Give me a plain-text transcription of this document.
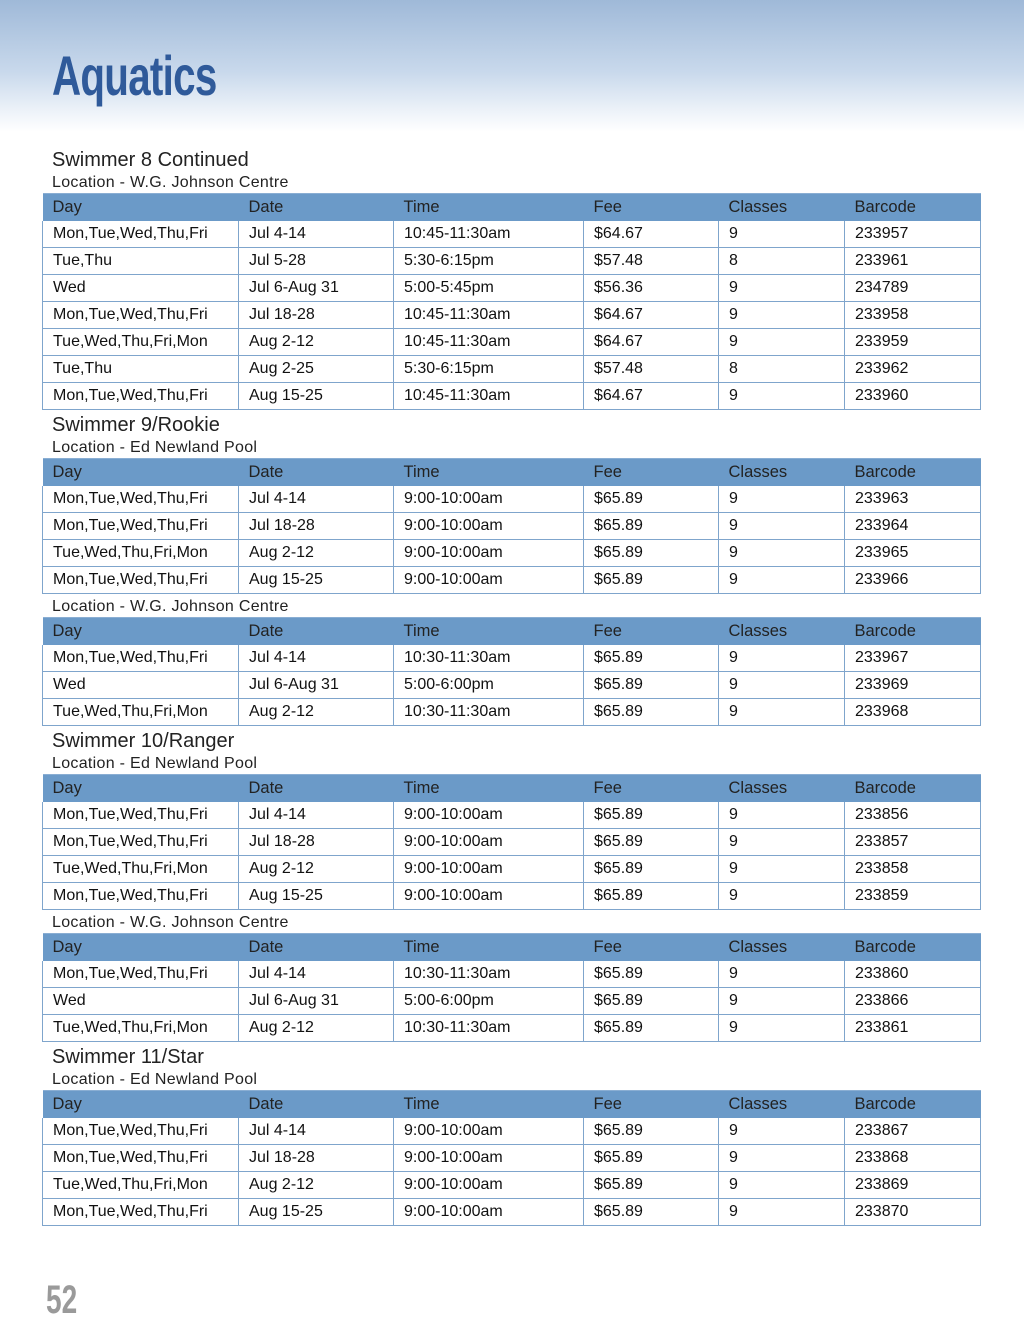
Aquatics
Swimmer 8 Continued
Location - W.G. Johnson Centre
Day	Date	Time	Fee	Classes	Barcode
Mon,Tue,Wed,Thu,Fri	Jul 4-14	10:45-11:30am	$64.67	9	233957
Tue,Thu	Jul 5-28	5:30-6:15pm	$57.48	8	233961
Wed	Jul 6-Aug 31	5:00-5:45pm	$56.36	9	234789
Mon,Tue,Wed,Thu,Fri	Jul 18-28	10:45-11:30am	$64.67	9	233958
Tue,Wed,Thu,Fri,Mon	Aug 2-12	10:45-11:30am	$64.67	9	233959
Tue,Thu	Aug 2-25	5:30-6:15pm	$57.48	8	233962
Mon,Tue,Wed,Thu,Fri	Aug 15-25	10:45-11:30am	$64.67	9	233960
Swimmer 9/Rookie
Location - Ed Newland Pool
Day	Date	Time	Fee	Classes	Barcode
Mon,Tue,Wed,Thu,Fri	Jul 4-14	9:00-10:00am	$65.89	9	233963
Mon,Tue,Wed,Thu,Fri	Jul 18-28	9:00-10:00am	$65.89	9	233964
Tue,Wed,Thu,Fri,Mon	Aug 2-12	9:00-10:00am	$65.89	9	233965
Mon,Tue,Wed,Thu,Fri	Aug 15-25	9:00-10:00am	$65.89	9	233966
Location - W.G. Johnson Centre
Day	Date	Time	Fee	Classes	Barcode
Mon,Tue,Wed,Thu,Fri	Jul 4-14	10:30-11:30am	$65.89	9	233967
Wed	Jul 6-Aug 31	5:00-6:00pm	$65.89	9	233969
Tue,Wed,Thu,Fri,Mon	Aug 2-12	10:30-11:30am	$65.89	9	233968
Swimmer 10/Ranger
Location - Ed Newland Pool
Day	Date	Time	Fee	Classes	Barcode
Mon,Tue,Wed,Thu,Fri	Jul 4-14	9:00-10:00am	$65.89	9	233856
Mon,Tue,Wed,Thu,Fri	Jul 18-28	9:00-10:00am	$65.89	9	233857
Tue,Wed,Thu,Fri,Mon	Aug 2-12	9:00-10:00am	$65.89	9	233858
Mon,Tue,Wed,Thu,Fri	Aug 15-25	9:00-10:00am	$65.89	9	233859
Location - W.G. Johnson Centre
Day	Date	Time	Fee	Classes	Barcode
Mon,Tue,Wed,Thu,Fri	Jul 4-14	10:30-11:30am	$65.89	9	233860
Wed	Jul 6-Aug 31	5:00-6:00pm	$65.89	9	233866
Tue,Wed,Thu,Fri,Mon	Aug 2-12	10:30-11:30am	$65.89	9	233861
Swimmer 11/Star
Location - Ed Newland Pool
Day	Date	Time	Fee	Classes	Barcode
Mon,Tue,Wed,Thu,Fri	Jul 4-14	9:00-10:00am	$65.89	9	233867
Mon,Tue,Wed,Thu,Fri	Jul 18-28	9:00-10:00am	$65.89	9	233868
Tue,Wed,Thu,Fri,Mon	Aug 2-12	9:00-10:00am	$65.89	9	233869
Mon,Tue,Wed,Thu,Fri	Aug 15-25	9:00-10:00am	$65.89	9	233870
52
